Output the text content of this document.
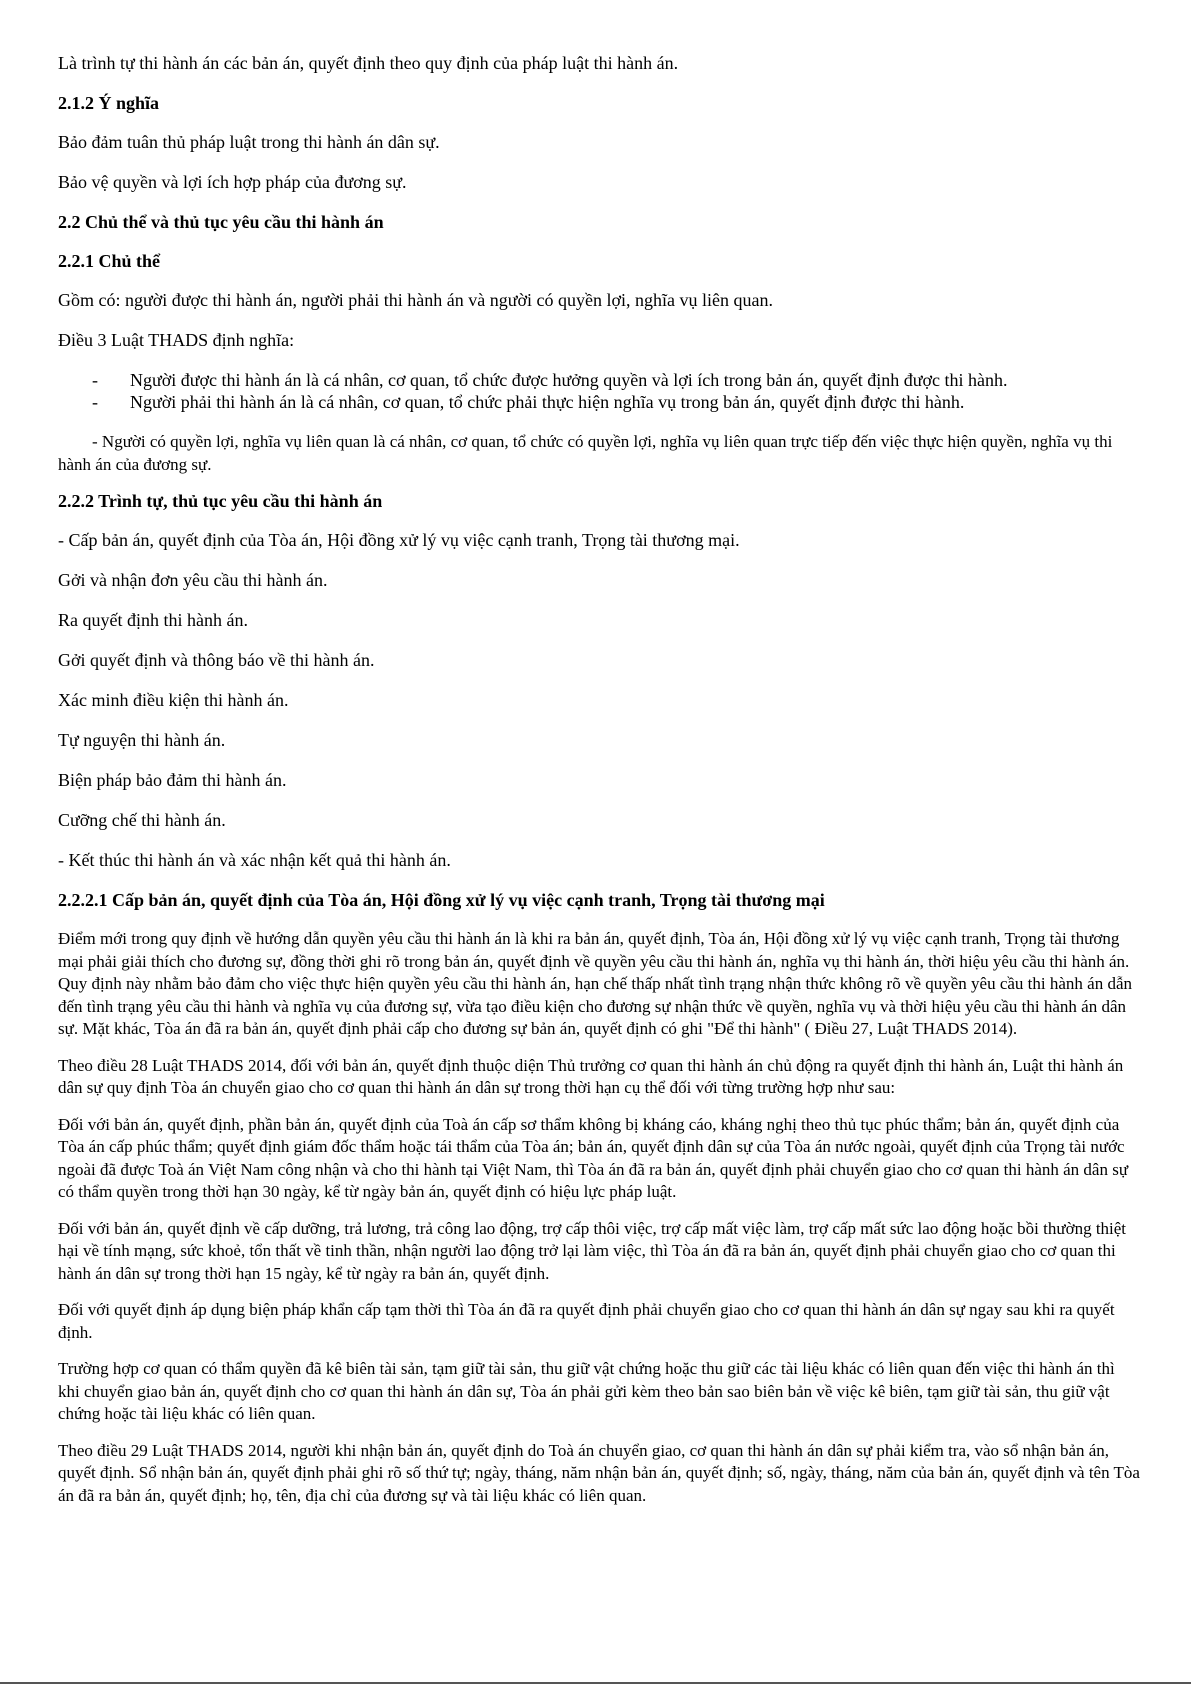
Là trình tự thi hành án các bản án, quyết định theo quy định của pháp luật thi hành án.

2.1.2 Ý nghĩa

Bảo đảm tuân thủ pháp luật trong thi hành án dân sự.

Bảo vệ quyền và lợi ích hợp pháp của đương sự.

2.2 Chủ thể và thủ tục yêu cầu thi hành án

2.2.1 Chủ thể

Gồm có: người được thi hành án, người phải thi hành án và người có quyền lợi, nghĩa vụ liên quan.

Điều 3 Luật THADS định nghĩa:

- Người được thi hành án là cá nhân, cơ quan, tổ chức được hưởng quyền và lợi ích trong bản án, quyết định được thi hành.
- Người phải thi hành án là cá nhân, cơ quan, tổ chức phải thực hiện nghĩa vụ trong bản án, quyết định được thi hành.

- Người có quyền lợi, nghĩa vụ liên quan là cá nhân, cơ quan, tổ chức có quyền lợi, nghĩa vụ liên quan trực tiếp đến việc thực hiện quyền, nghĩa vụ thi hành án của đương sự.

2.2.2 Trình tự, thủ tục yêu cầu thi hành án

- Cấp bản án, quyết định của Tòa án, Hội đồng xử lý vụ việc cạnh tranh, Trọng tài thương mại.

Gởi và nhận đơn yêu cầu thi hành án.

Ra quyết định thi hành án.

Gởi quyết định và thông báo về thi hành án.

Xác minh điều kiện thi hành án.

Tự nguyện thi hành án.

Biện pháp bảo đảm thi hành án.

Cưỡng chế thi hành án.

- Kết thúc thi hành án và xác nhận kết quả thi hành án.

2.2.2.1 Cấp bản án, quyết định của Tòa án, Hội đồng xử lý vụ việc cạnh tranh, Trọng tài thương mại

Điểm mới trong quy định về hướng dẫn quyền yêu cầu thi hành án là khi ra bản án, quyết định, Tòa án, Hội đồng xử lý vụ việc cạnh tranh, Trọng tài thương mại phải giải thích cho đương sự, đồng thời ghi rõ trong bản án, quyết định về quyền yêu cầu thi hành án, nghĩa vụ thi hành án, thời hiệu yêu cầu thi hành án. Quy định này nhằm bảo đảm cho việc thực hiện quyền yêu cầu thi hành án, hạn chế thấp nhất tình trạng nhận thức không rõ về quyền yêu cầu thi hành án dẫn đến tình trạng yêu cầu thi hành và nghĩa vụ của đương sự, vừa tạo điều kiện cho đương sự nhận thức về quyền, nghĩa vụ và thời hiệu yêu cầu thi hành án dân sự. Mặt khác, Tòa án đã ra bản án, quyết định phải cấp cho đương sự bản án, quyết định có ghi "Để thi hành" ( Điều 27, Luật THADS 2014).

Theo điều 28 Luật THADS 2014, đối với bản án, quyết định thuộc diện Thủ trưởng cơ quan thi hành án chủ động ra quyết định thi hành án, Luật thi hành án dân sự quy định Tòa án chuyển giao cho cơ quan thi hành án dân sự trong thời hạn cụ thể đối với từng trường hợp như sau:

Đối với bản án, quyết định, phần bản án, quyết định của Toà án cấp sơ thẩm không bị kháng cáo, kháng nghị theo thủ tục phúc thẩm; bản án, quyết định của Tòa án cấp phúc thẩm; quyết định giám đốc thẩm hoặc tái thẩm của Tòa án; bản án, quyết định dân sự của Tòa án nước ngoài, quyết định của Trọng tài nước ngoài đã được Toà án Việt Nam công nhận và cho thi hành tại Việt Nam, thì Tòa án đã ra bản án, quyết định phải chuyển giao cho cơ quan thi hành án dân sự có thẩm quyền trong thời hạn 30 ngày, kể từ ngày bản án, quyết định có hiệu lực pháp luật.

Đối với bản án, quyết định về cấp dưỡng, trả lương, trả công lao động, trợ cấp thôi việc, trợ cấp mất việc làm, trợ cấp mất sức lao động hoặc bồi thường thiệt hại về tính mạng, sức khoẻ, tổn thất về tinh thần, nhận người lao động trở lại làm việc, thì Tòa án đã ra bản án, quyết định phải chuyển giao cho cơ quan thi hành án dân sự trong thời hạn 15 ngày, kể từ ngày ra bản án, quyết định.

Đối với quyết định áp dụng biện pháp khẩn cấp tạm thời thì Tòa án đã ra quyết định phải chuyển giao cho cơ quan thi hành án dân sự ngay sau khi ra quyết định.

Trường hợp cơ quan có thẩm quyền đã kê biên tài sản, tạm giữ tài sản, thu giữ vật chứng hoặc thu giữ các tài liệu khác có liên quan đến việc thi hành án thì khi chuyển giao bản án, quyết định cho cơ quan thi hành án dân sự, Tòa án phải gửi kèm theo bản sao biên bản về việc kê biên, tạm giữ tài sản, thu giữ vật chứng hoặc tài liệu khác có liên quan.

Theo điều 29 Luật THADS 2014, người khi nhận bản án, quyết định do Toà án chuyển giao, cơ quan thi hành án dân sự phải kiểm tra, vào sổ nhận bản án, quyết định. Sổ nhận bản án, quyết định phải ghi rõ số thứ tự; ngày, tháng, năm nhận bản án, quyết định; số, ngày, tháng, năm của bản án, quyết định và tên Tòa án đã ra bản án, quyết định; họ, tên, địa chỉ của đương sự và tài liệu khác có liên quan.
